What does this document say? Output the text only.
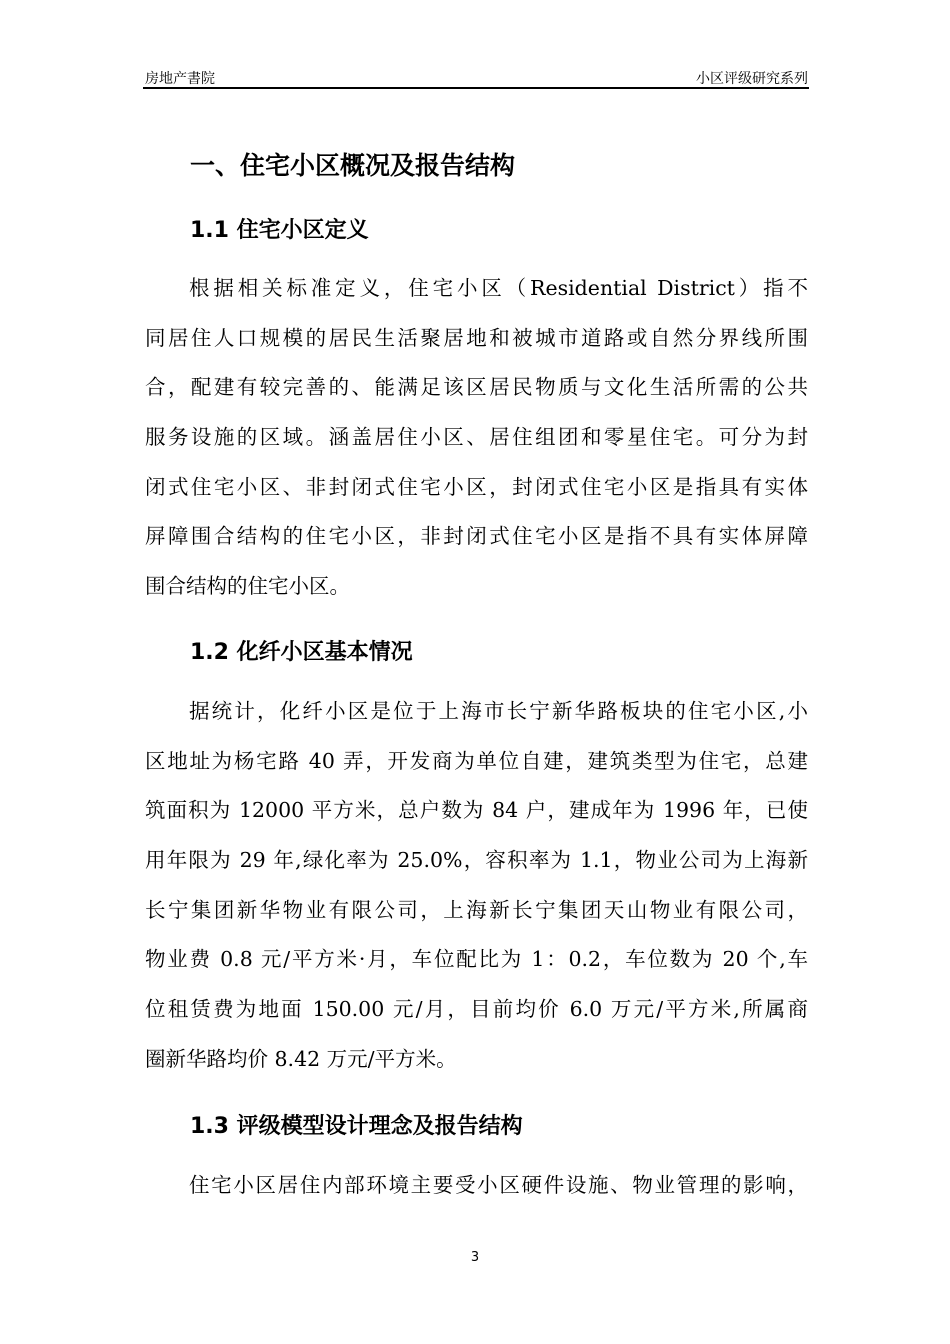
房地产書院	小区评级研究系列
一、住宅小区概况及报告结构
1.1 住宅小区定义
根据相关标准定义，住宅小区（Residential District）指不
同居住人口规模的居民生活聚居地和被城市道路或自然分界线所围
合，配建有较完善的、能满足该区居民物质与文化生活所需的公共
服务设施的区域。涵盖居住小区、居住组团和零星住宅。可分为封
闭式住宅小区、非封闭式住宅小区，封闭式住宅小区是指具有实体
屏障围合结构的住宅小区，非封闭式住宅小区是指不具有实体屏障
围合结构的住宅小区。
1.2 化纤小区基本情况
据统计，化纤小区是位于上海市长宁新华路板块的住宅小区,小
区地址为杨宅路 40 弄，开发商为单位自建，建筑类型为住宅，总建
筑面积为 12000 平方米，总户数为 84 户，建成年为 1996 年，已使
用年限为 29 年,绿化率为 25.0%，容积率为 1.1，物业公司为上海新
长宁集团新华物业有限公司，上海新长宁集团天山物业有限公司，
物业费 0.8 元/平方米·月，车位配比为 1：0.2，车位数为 20 个,车
位租赁费为地面 150.00 元/月，目前均价 6.0 万元/平方米,所属商
圈新华路均价 8.42 万元/平方米。
1.3 评级模型设计理念及报告结构
住宅小区居住内部环境主要受小区硬件设施、物业管理的影响，
3
